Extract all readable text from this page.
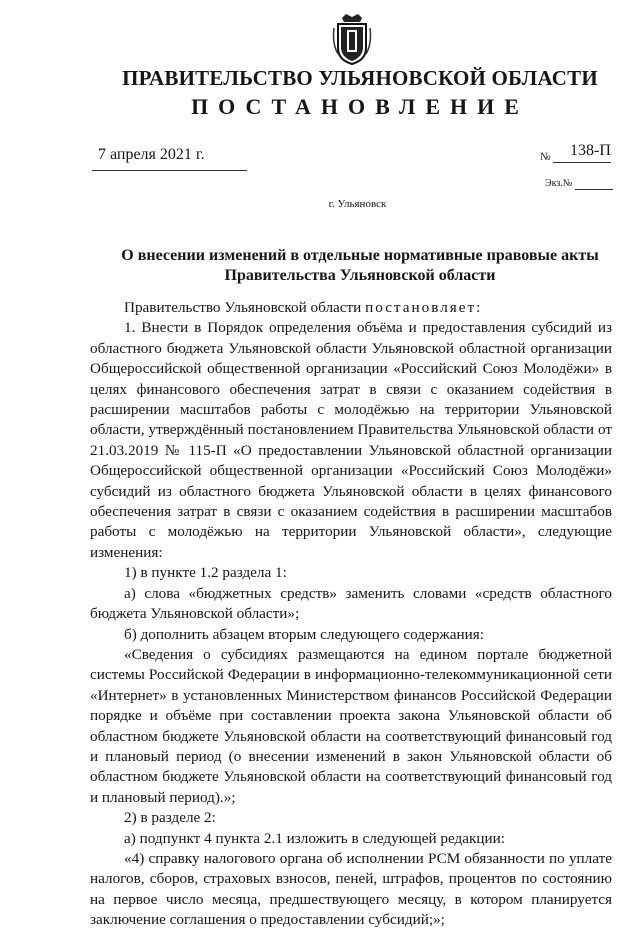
ПРАВИТЕЛЬСТВО УЛЬЯНОВСКОЙ ОБЛАСТИ
ПОСТАНОВЛЕНИЕ
7 апреля 2021 г.	№ 138-П
Экз.№
г. Ульяновск
О внесении изменений в отдельные нормативные правовые акты
Правительства Ульяновской области

Правительство Ульяновской области постановляет:

1. Внести в Порядок определения объёма и предоставления субсидий из областного бюджета Ульяновской области Ульяновской областной организации Общероссийской общественной организации «Российский Союз Молодёжи» в целях финансового обеспечения затрат в связи с оказанием содействия в расширении масштабов работы с молодёжью на территории Ульяновской области, утверждённый постановлением Правительства Ульяновской области от 21.03.2019 № 115-П «О предоставлении Ульяновской областной организации Общероссийской общественной организации «Российский Союз Молодёжи» субсидий из областного бюджета Ульяновской области в целях финансового обеспечения затрат в связи с оказанием содействия в расширении масштабов работы с молодёжью на территории Ульяновской области», следующие изменения:

1) в пункте 1.2 раздела 1:

а) слова «бюджетных средств» заменить словами «средств областного бюджета Ульяновской области»;

б) дополнить абзацем вторым следующего содержания:

«Сведения о субсидиях размещаются на едином портале бюджетной системы Российской Федерации в информационно-телекоммуникационной сети «Интернет» в установленных Министерством финансов Российской Федерации порядке и объёме при составлении проекта закона Ульяновской области об областном бюджете Ульяновской области на соответствующий финансовый год и плановый период (о внесении изменений в закон Ульяновской области об областном бюджете Ульяновской области на соответствующий финансовый год и плановый период).»;

2) в разделе 2:

а) подпункт 4 пункта 2.1 изложить в следующей редакции:

«4) справку налогового органа об исполнении РСМ обязанности по уплате налогов, сборов, страховых взносов, пеней, штрафов, процентов по состоянию на первое число месяца, предшествующего месяцу, в котором планируется заключение соглашения о предоставлении субсидий;»;
